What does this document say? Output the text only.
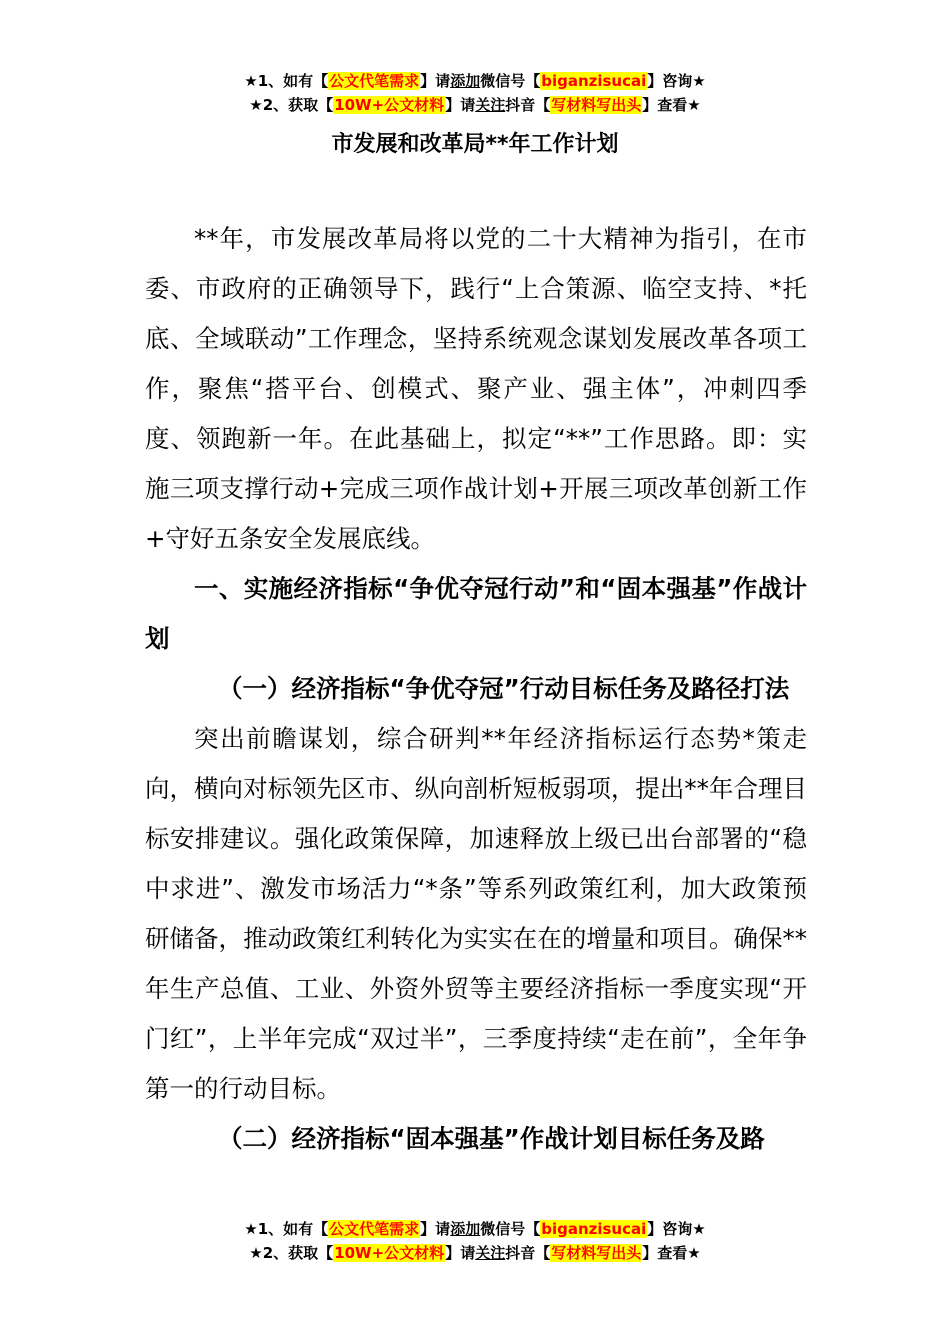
★1、如有【公文代笔需求】请添加微信号【biganzisucai】咨询★
★2、获取【10W+公文材料】请关注抖音【写材料写出头】查看★
市发展和改革局**年工作计划

**年，市发展改革局将以党的二十大精神为指引，在市委、市政府的正确领导下，践行“上合策源、临空支持、*托底、全域联动”工作理念，坚持系统观念谋划发展改革各项工作，聚焦“搭平台、创模式、聚产业、强主体”，冲刺四季度、领跑新一年。在此基础上，拟定“**”工作思路。即：实施三项支撑行动+完成三项作战计划+开展三项改革创新工作+守好五条安全发展底线。

一、实施经济指标“争优夺冠行动”和“固本强基”作战计划

（一）经济指标“争优夺冠”行动目标任务及路径打法

突出前瞻谋划，综合研判**年经济指标运行态势*策走向，横向对标领先区市、纵向剖析短板弱项，提出**年合理目标安排建议。强化政策保障，加速释放上级已出台部署的“稳中求进”、激发市场活力“*条”等系列政策红利，加大政策预研储备，推动政策红利转化为实实在在的增量和项目。确保**年生产总值、工业、外资外贸等主要经济指标一季度实现“开门红”，上半年完成“双过半”，三季度持续“走在前”，全年争第一的行动目标。

（二）经济指标“固本强基”作战计划目标任务及路

★1、如有【公文代笔需求】请添加微信号【biganzisucai】咨询★
★2、获取【10W+公文材料】请关注抖音【写材料写出头】查看★
